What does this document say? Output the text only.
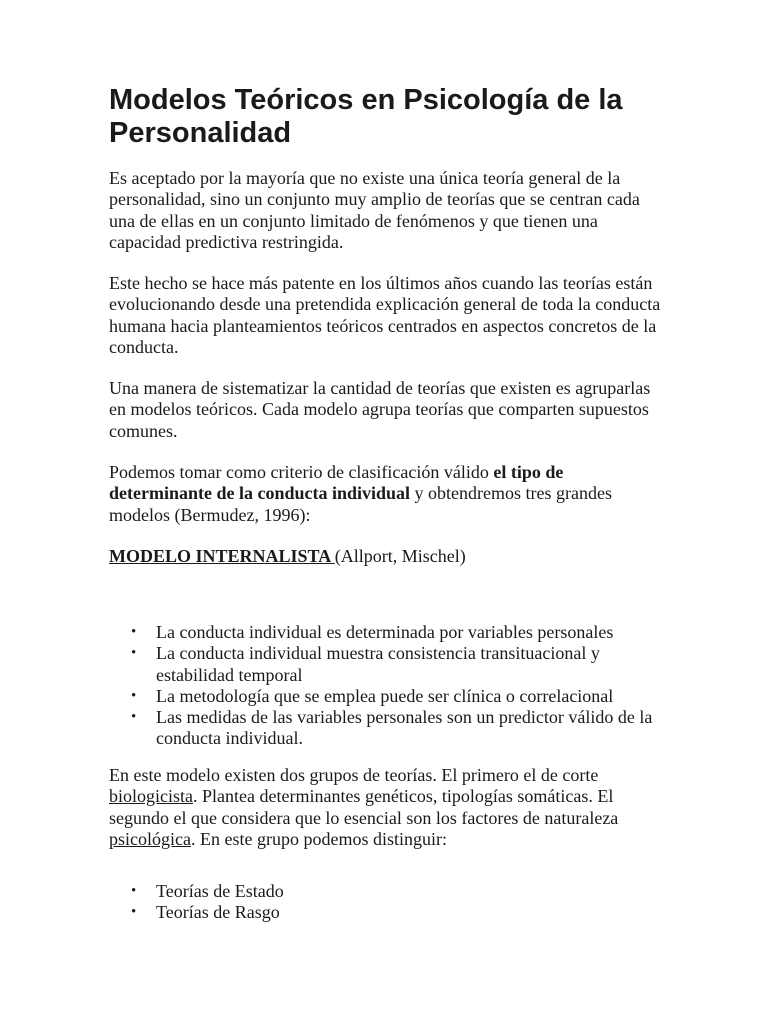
Modelos Teóricos en Psicología de la Personalidad

Es aceptado por la mayoría que no existe una única teoría general de la personalidad, sino un conjunto muy amplio de teorías que se centran cada una de ellas en un conjunto limitado de fenómenos y que tienen una capacidad predictiva restringida.

Este hecho se hace más patente en los últimos años cuando las teorías están evolucionando desde una pretendida explicación general de toda la conducta humana hacia planteamientos teóricos centrados en aspectos concretos de la conducta.

Una manera de sistematizar la cantidad de teorías que existen es agruparlas en modelos teóricos. Cada modelo agrupa teorías que comparten supuestos comunes.

Podemos tomar como criterio de clasificación válido el tipo de determinante de la conducta individual y obtendremos tres grandes modelos (Bermudez, 1996):

MODELO INTERNALISTA (Allport, Mischel)

• La conducta individual es determinada por variables personales
• La conducta individual muestra consistencia transituacional y estabilidad temporal
• La metodología que se emplea puede ser clínica o correlacional
• Las medidas de las variables personales son un predictor válido de la conducta individual.

En este modelo existen dos grupos de teorías. El primero el de corte biologicista. Plantea determinantes genéticos, tipologías somáticas. El segundo el que considera que lo esencial son los factores de naturaleza psicológica. En este grupo podemos distinguir:

• Teorías de Estado
• Teorías de Rasgo
